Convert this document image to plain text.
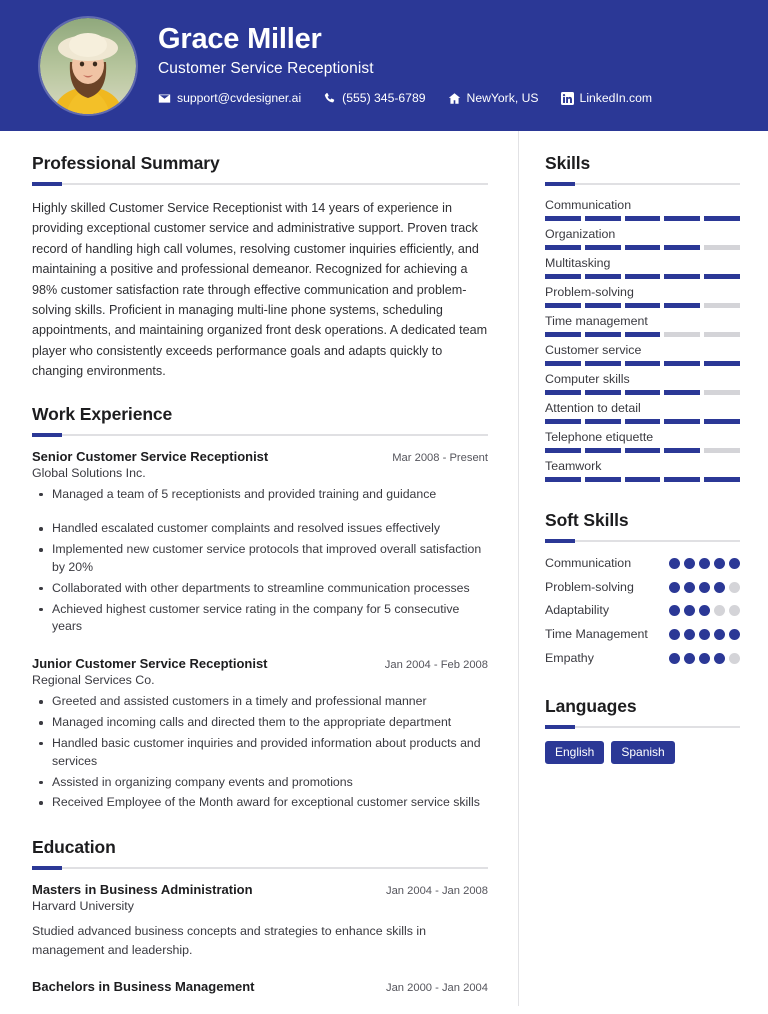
Grace Miller
Customer Service Receptionist
support@cvdesigner.ai	(555) 345-6789	NewYork, US	LinkedIn.com
Professional Summary
Highly skilled Customer Service Receptionist with 14 years of experience in providing exceptional customer service and administrative support. Proven track record of handling high call volumes, resolving customer inquiries efficiently, and maintaining a positive and professional demeanor. Recognized for achieving a 98% customer satisfaction rate through effective communication and problem-solving skills. Proficient in managing multi-line phone systems, scheduling appointments, and maintaining organized front desk operations. A dedicated team player who consistently exceeds performance goals and adapts quickly to changing environments.
Work Experience
Senior Customer Service Receptionist	Mar 2008 - Present
Global Solutions Inc.
Managed a team of 5 receptionists and provided training and guidance
Handled escalated customer complaints and resolved issues effectively
Implemented new customer service protocols that improved overall satisfaction by 20%
Collaborated with other departments to streamline communication processes
Achieved highest customer service rating in the company for 5 consecutive years
Junior Customer Service Receptionist	Jan 2004 - Feb 2008
Regional Services Co.
Greeted and assisted customers in a timely and professional manner
Managed incoming calls and directed them to the appropriate department
Handled basic customer inquiries and provided information about products and services
Assisted in organizing company events and promotions
Received Employee of the Month award for exceptional customer service skills
Education
Masters in Business Administration	Jan 2004 - Jan 2008
Harvard University
Studied advanced business concepts and strategies to enhance skills in management and leadership.
Bachelors in Business Management	Jan 2000 - Jan 2004
Skills
Communication
Organization
Multitasking
Problem-solving
Time management
Customer service
Computer skills
Attention to detail
Telephone etiquette
Teamwork
Soft Skills
Communication
Problem-solving
Adaptability
Time Management
Empathy
Languages
English	Spanish
